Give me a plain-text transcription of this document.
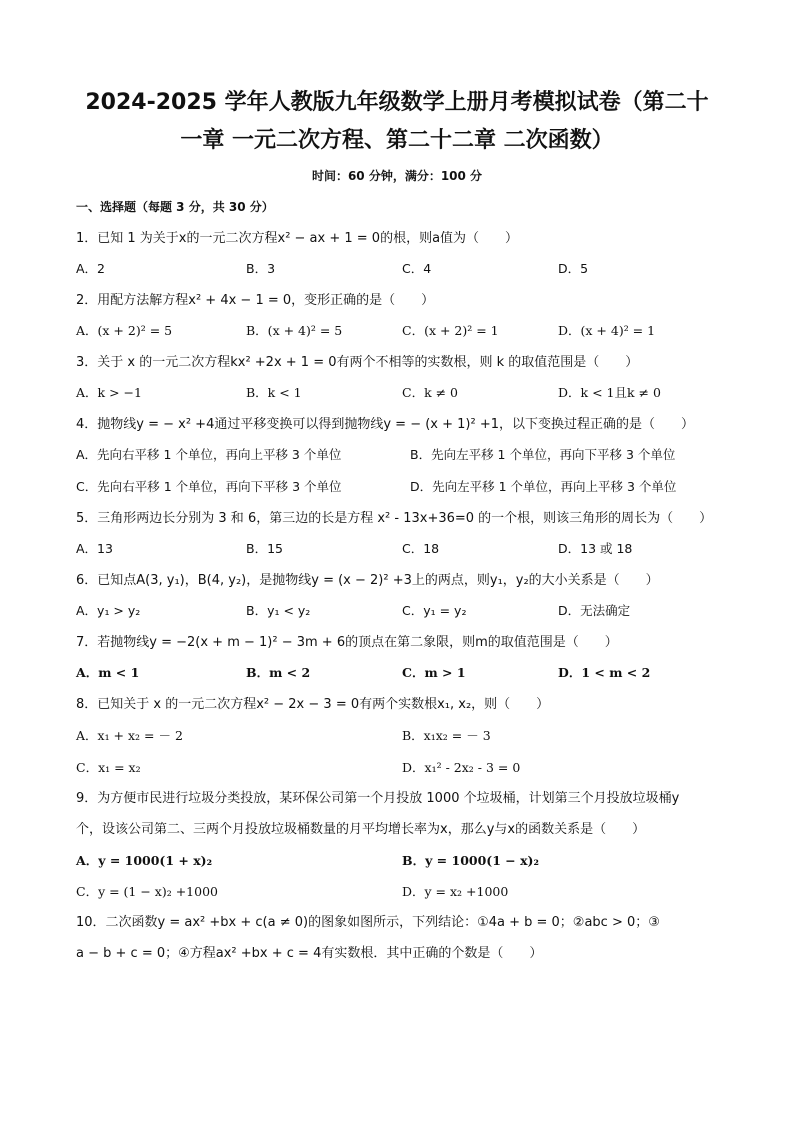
2024-2025 学年人教版九年级数学上册月考模拟试卷（第二十
一章 一元二次方程、第二十二章 二次函数）
时间：60 分钟，满分：100 分
一、选择题（每题 3 分，共 30 分）
1．已知 1 为关于x的一元二次方程x² − ax + 1 = 0的根，则a值为（　　）
A．2	B．3	C．4	D．5
2．用配方法解方程x² + 4x − 1 = 0，变形正确的是（　　）
A．(x + 2)² = 5	B．(x + 4)² = 5	C．(x + 2)² = 1	D．(x + 4)² = 1
3．关于 x 的一元二次方程kx² +2x + 1 = 0有两个不相等的实数根，则 k 的取值范围是（　　）
A．k > −1	B．k < 1	C．k ≠ 0	D．k < 1且k ≠ 0
4．抛物线y = − x² +4通过平移变换可以得到抛物线y = − (x + 1)² +1，以下变换过程正确的是（　　）
A．先向右平移 1 个单位，再向上平移 3 个单位	B．先向左平移 1 个单位，再向下平移 3 个单位
C．先向右平移 1 个单位，再向下平移 3 个单位	D．先向左平移 1 个单位，再向上平移 3 个单位
5．三角形两边长分别为 3 和 6，第三边的长是方程 x² - 13x+36=0 的一个根，则该三角形的周长为（　　）
A．13	B．15	C．18	D．13 或 18
6．已知点A(3, y₁)，B(4, y₂)，是抛物线y = (x − 2)² +3上的两点，则y₁，y₂的大小关系是（　　）
A．y₁ > y₂	B．y₁ < y₂	C．y₁ = y₂	D．无法确定
7．若抛物线y = −2(x + m − 1)² − 3m + 6的顶点在第二象限，则m的取值范围是（　　）
A．m < 1	B．m < 2	C．m > 1	D．1 < m < 2
8．已知关于 x 的一元二次方程x² − 2x − 3 = 0有两个实数根x₁, x₂，则（　　）
A．x₁ + x₂ = － 2	B．x₁x₂ = － 3
C．x₁ = x₂	D．x₁² - 2x₂ - 3 = 0
9．为方便市民进行垃圾分类投放，某环保公司第一个月投放 1000 个垃圾桶，计划第三个月投放垃圾桶y
个，设该公司第二、三两个月投放垃圾桶数量的月平均增长率为x，那么y与x的函数关系是（　　）
A．y = 1000(1 + x)₂	B．y = 1000(1 − x)₂
C．y = (1 − x)₂ +1000	D．y = x₂ +1000
10．二次函数y = ax² +bx + c(a ≠ 0)的图象如图所示，下列结论：①4a + b = 0；②abc > 0；③
a − b + c = 0；④方程ax² +bx + c = 4有实数根．其中正确的个数是（　　）
